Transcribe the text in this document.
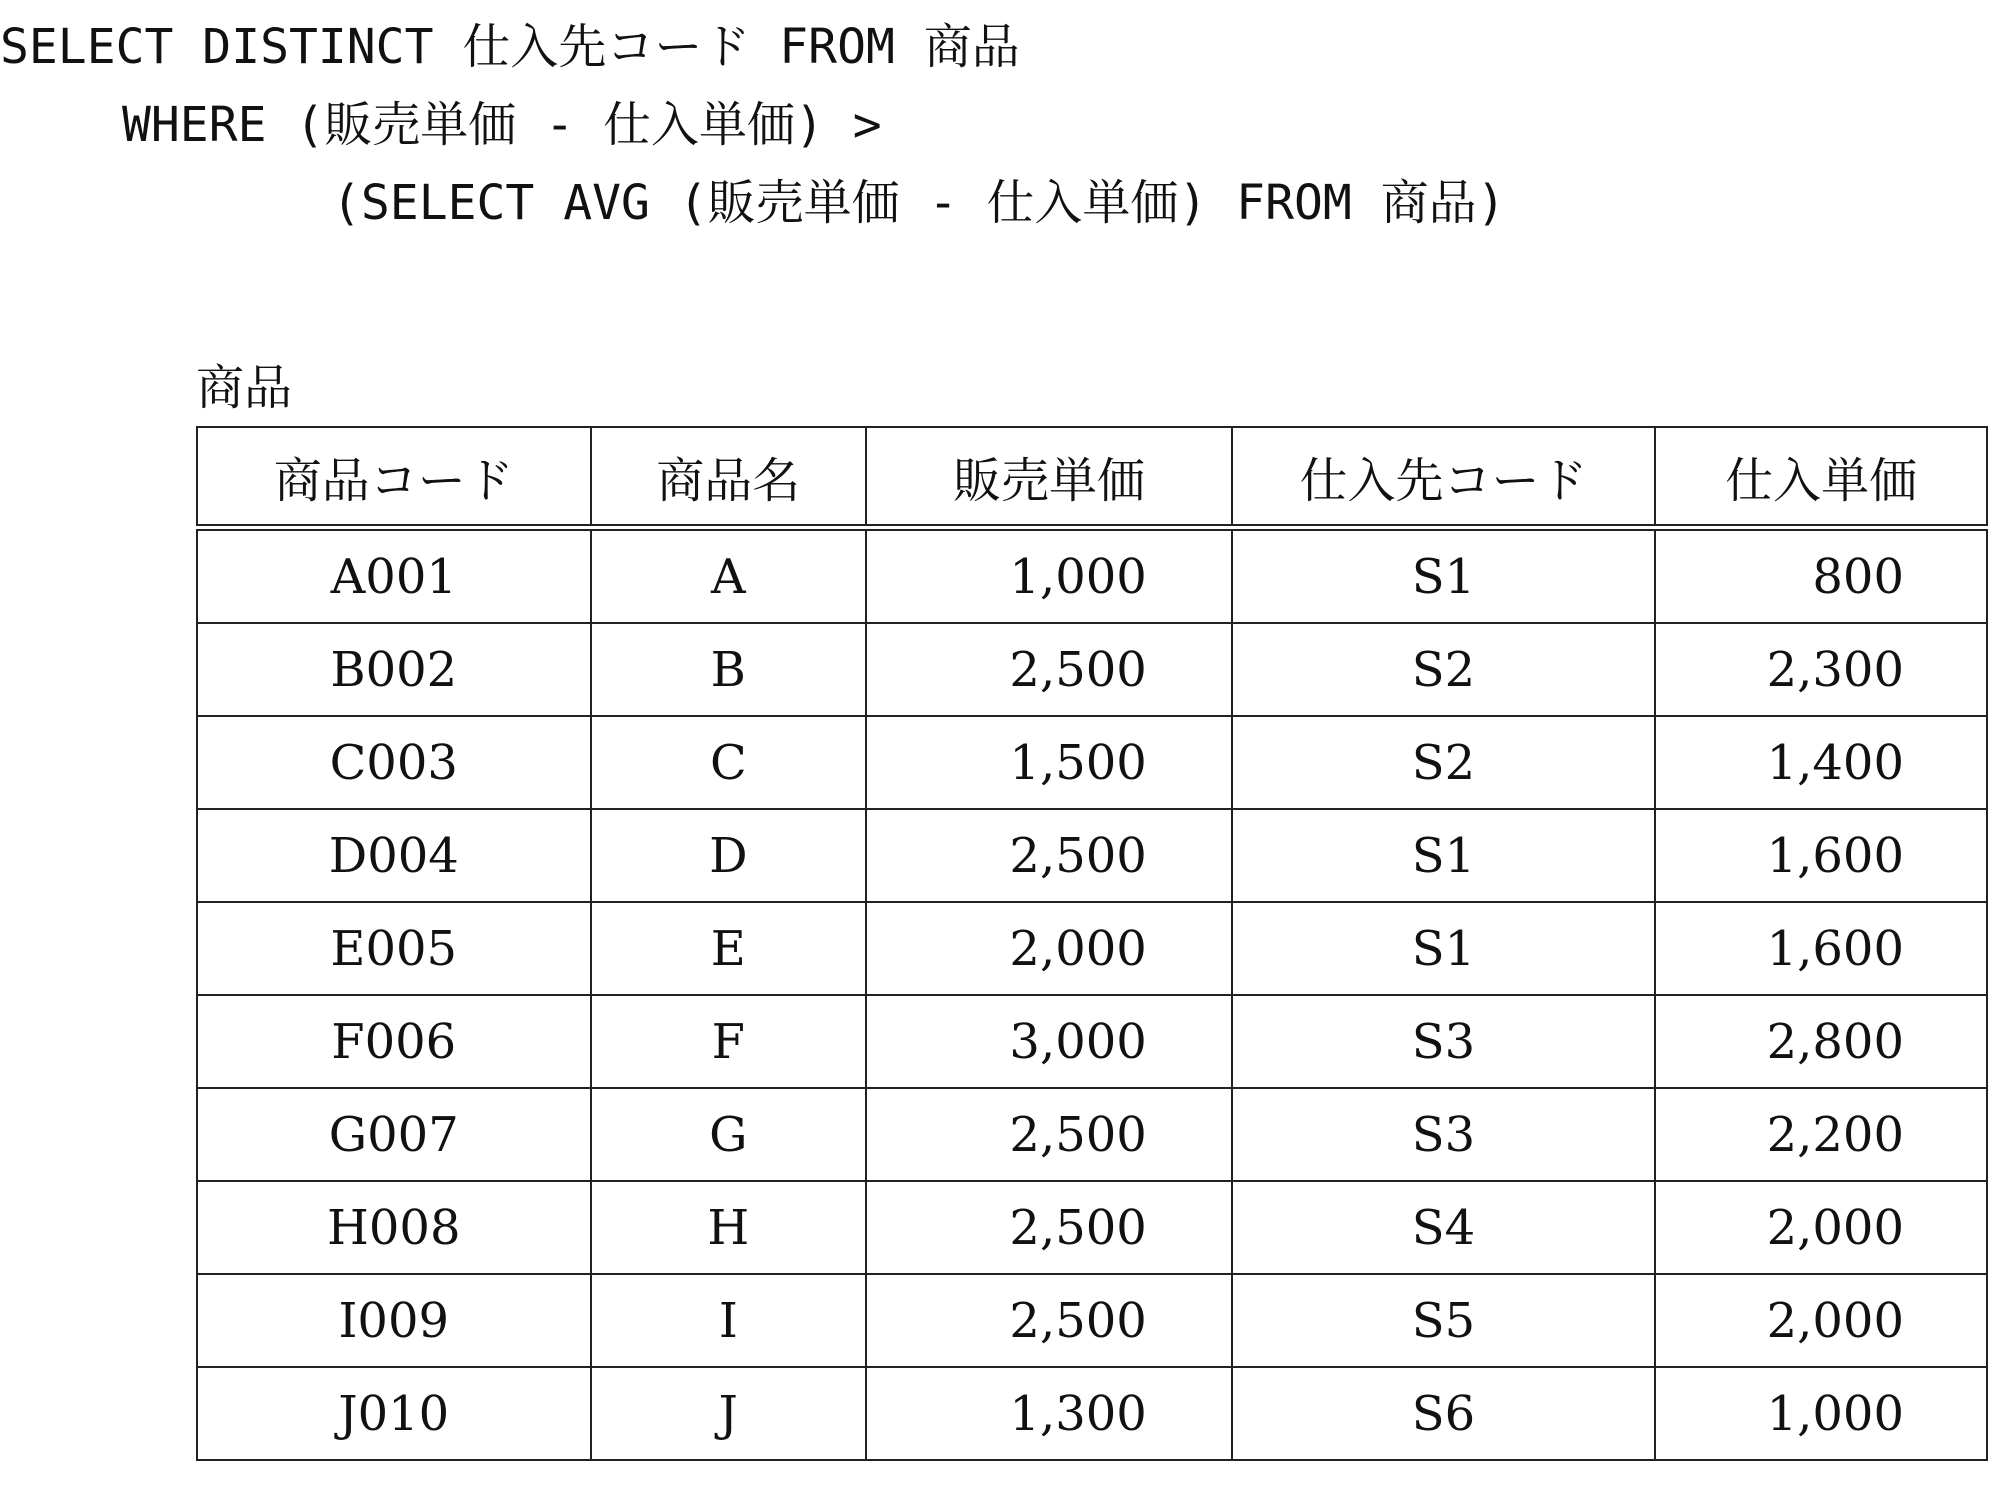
SELECT DISTINCT 仕入先コード FROM 商品
WHERE (販売単価 - 仕入単価) >
(SELECT AVG (販売単価 - 仕入単価) FROM 商品)
商品
商品コード	商品名	販売単価	仕入先コード	仕入単価
A001	A	1,000	S1	800
B002	B	2,500	S2	2,300
C003	C	1,500	S2	1,400
D004	D	2,500	S1	1,600
E005	E	2,000	S1	1,600
F006	F	3,000	S3	2,800
G007	G	2,500	S3	2,200
H008	H	2,500	S4	2,000
I009	I	2,500	S5	2,000
J010	J	1,300	S6	1,000
